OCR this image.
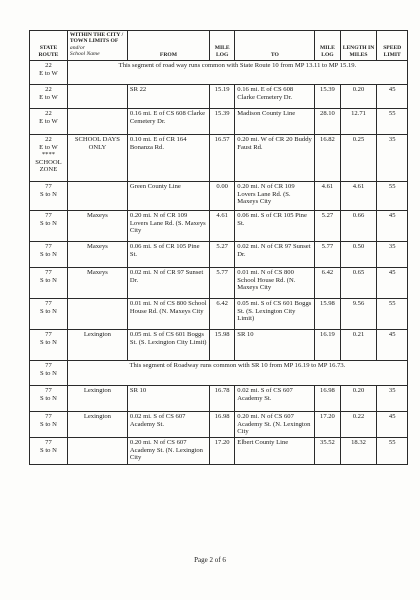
STATE ROUTE	WITHIN THE CITY / TOWN LIMITS OF and/or
School Name	FROM	MILE LOG	TO	MILE LOG	LENGTH IN MILES	SPEED LIMIT

22
E to W	This segment of road way runs common with State Route 10 from MP 13.11 to MP 15.19.						

22
E to W		SR 22	15.19	0.16 mi. E of CS 608 Clarke Cemetery Dr.	15.39	0.20	45

22
E to W		0.16 mi. E of CS 608 Clarke Cemetery Dr.	15.39	Madison County Line	28.10	12.71	55

22
E to W
****
SCHOOL
ZONE	SCHOOL DAYS ONLY	0.10 mi. E of CR 164 Bonanza Rd.	16.57	0.20 mi. W of CR 20 Buddy Faust Rd.	16.82	0.25	35

77
S to N		Green County Line	0.00	0.20 mi. N of CR 109 Lovers Lane Rd. (S. Maxeys City	4.61	4.61	55

77
S to N	Maxeys	0.20 mi. N of CR 109 Lovers Lane Rd. (S. Maxeys City	4.61	0.06 mi. S of CR 105 Pine St.	5.27	0.66	45

77
S to N	Maxeys	0.06 mi. S of CR 105 Pine St.	5.27	0.02 mi. N of CR 97 Sunset Dr.	5.77	0.50	35

77
S to N	Maxeys	0.02 mi. N of CR 97 Sunset Dr.	5.77	0.01 mi. N of CS 800 School House Rd. (N. Maxeys City	6.42	0.65	45

77
S to N		0.01 mi. N of CS 800 School House Rd. (N. Maxeys City	6.42	0.05 mi. S of CS 601 Boggs St. (S. Lexington City Limit)	15.98	9.56	55

77
S to N	Lexington	0.05 mi. S of CS 601 Boggs St. (S. Lexington City Limit)	15.98	SR 10	16.19	0.21	45

77
S to N	This segment of Roadway runs common with SR 10 from MP 16.19 to MP 16.73.						

77
S to N	Lexington	SR 10	16.78	0.02 mi. S of CS 607 Academy St.	16.98	0.20	35

77
S to N	Lexington	0.02 mi. S of CS 607 Academy St.	16.98	0.20 mi. N of CS 607 Academy St. (N. Lexington City	17.20	0.22	45

77
S to N		0.20 mi. N of CS 607 Academy St. (N. Lexington City	17.20	Elbert County Line	35.52	18.32	55
Page 2 of 6
